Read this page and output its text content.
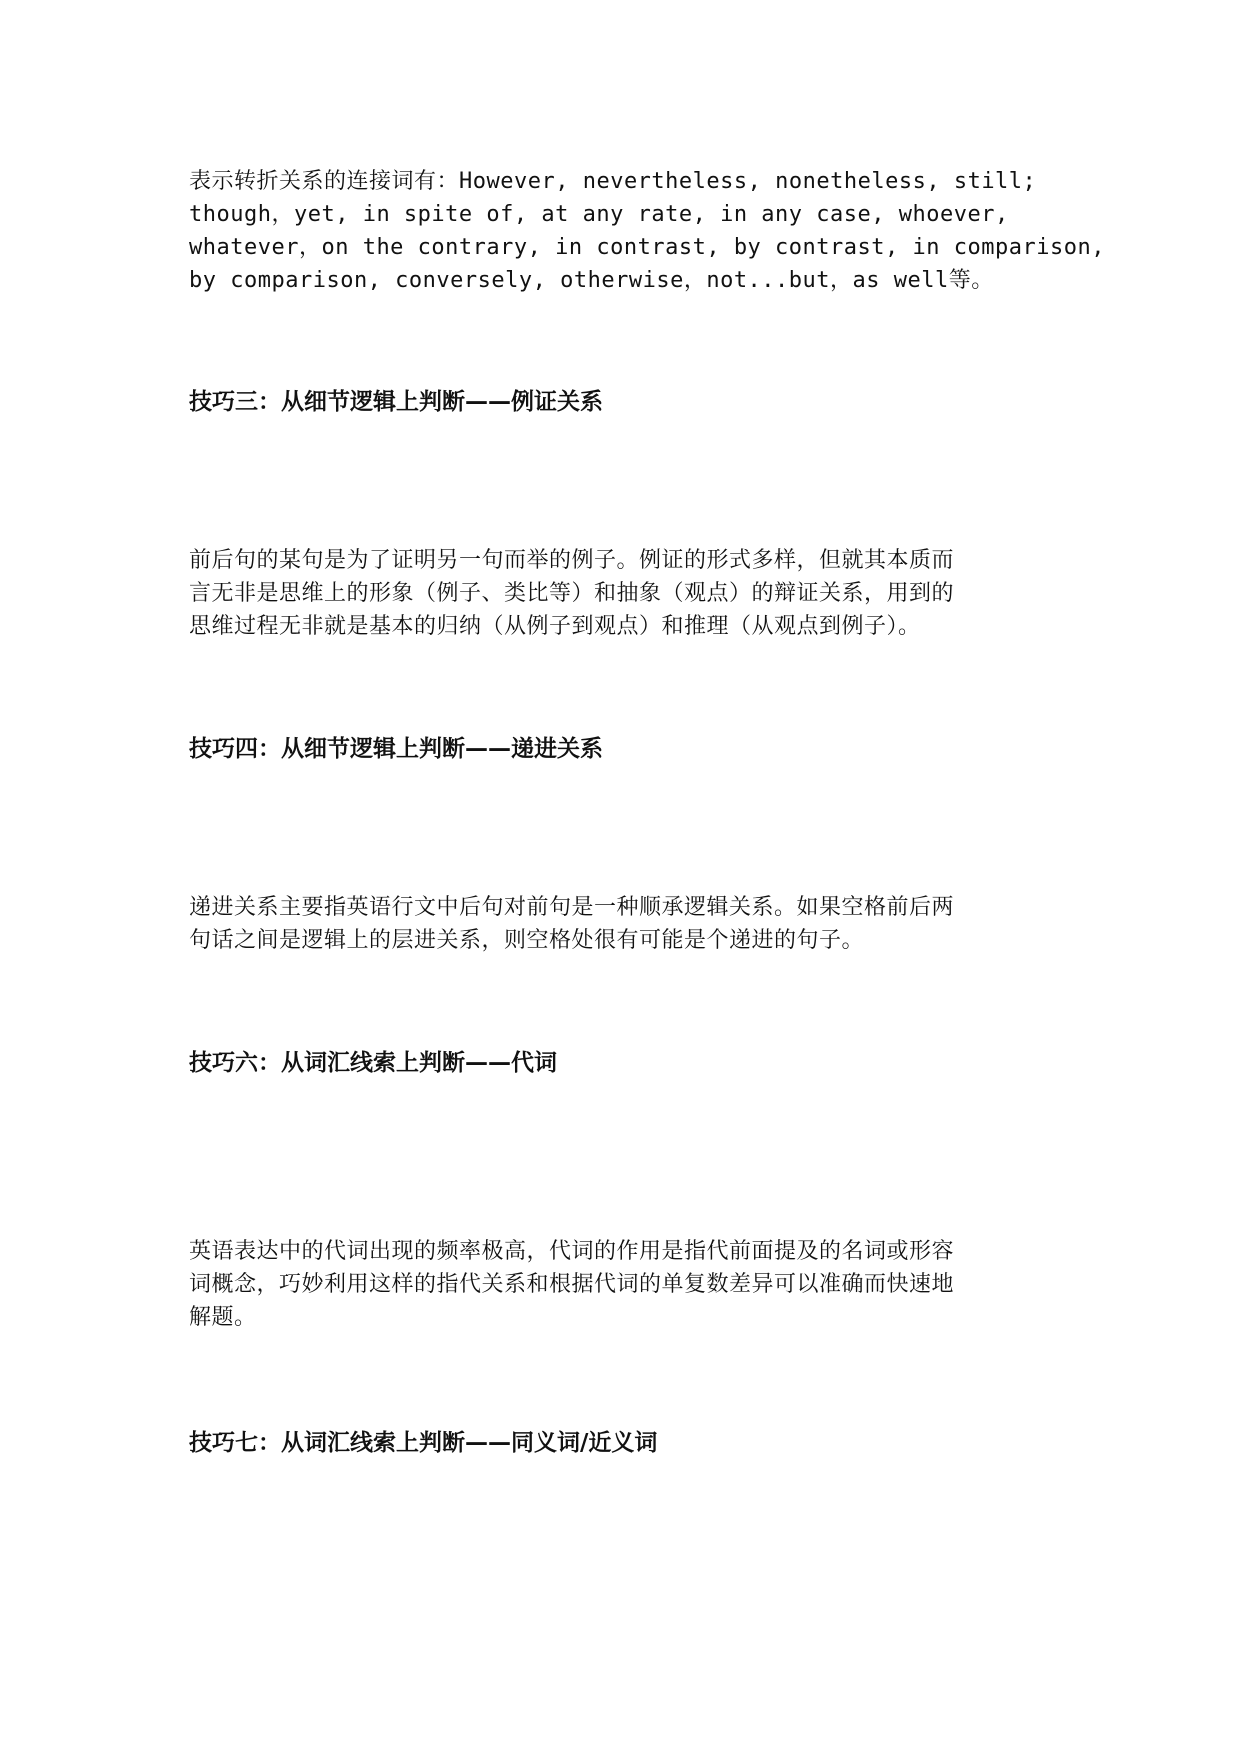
表示转折关系的连接词有：However, nevertheless, nonetheless, still;
though，yet, in spite of, at any rate, in any case, whoever,
whatever，on the contrary, in contrast, by contrast, in comparison,
by comparison, conversely, otherwise，not...but，as well等。
技巧三：从细节逻辑上判断——例证关系
前后句的某句是为了证明另一句而举的例子。例证的形式多样，但就其本质而
言无非是思维上的形象（例子、类比等）和抽象（观点）的辩证关系，用到的
思维过程无非就是基本的归纳（从例子到观点）和推理（从观点到例子）。
技巧四：从细节逻辑上判断——递进关系
递进关系主要指英语行文中后句对前句是一种顺承逻辑关系。如果空格前后两
句话之间是逻辑上的层进关系，则空格处很有可能是个递进的句子。
技巧六：从词汇线索上判断——代词
英语表达中的代词出现的频率极高，代词的作用是指代前面提及的名词或形容
词概念，巧妙利用这样的指代关系和根据代词的单复数差异可以准确而快速地
解题。
技巧七：从词汇线索上判断——同义词/近义词
